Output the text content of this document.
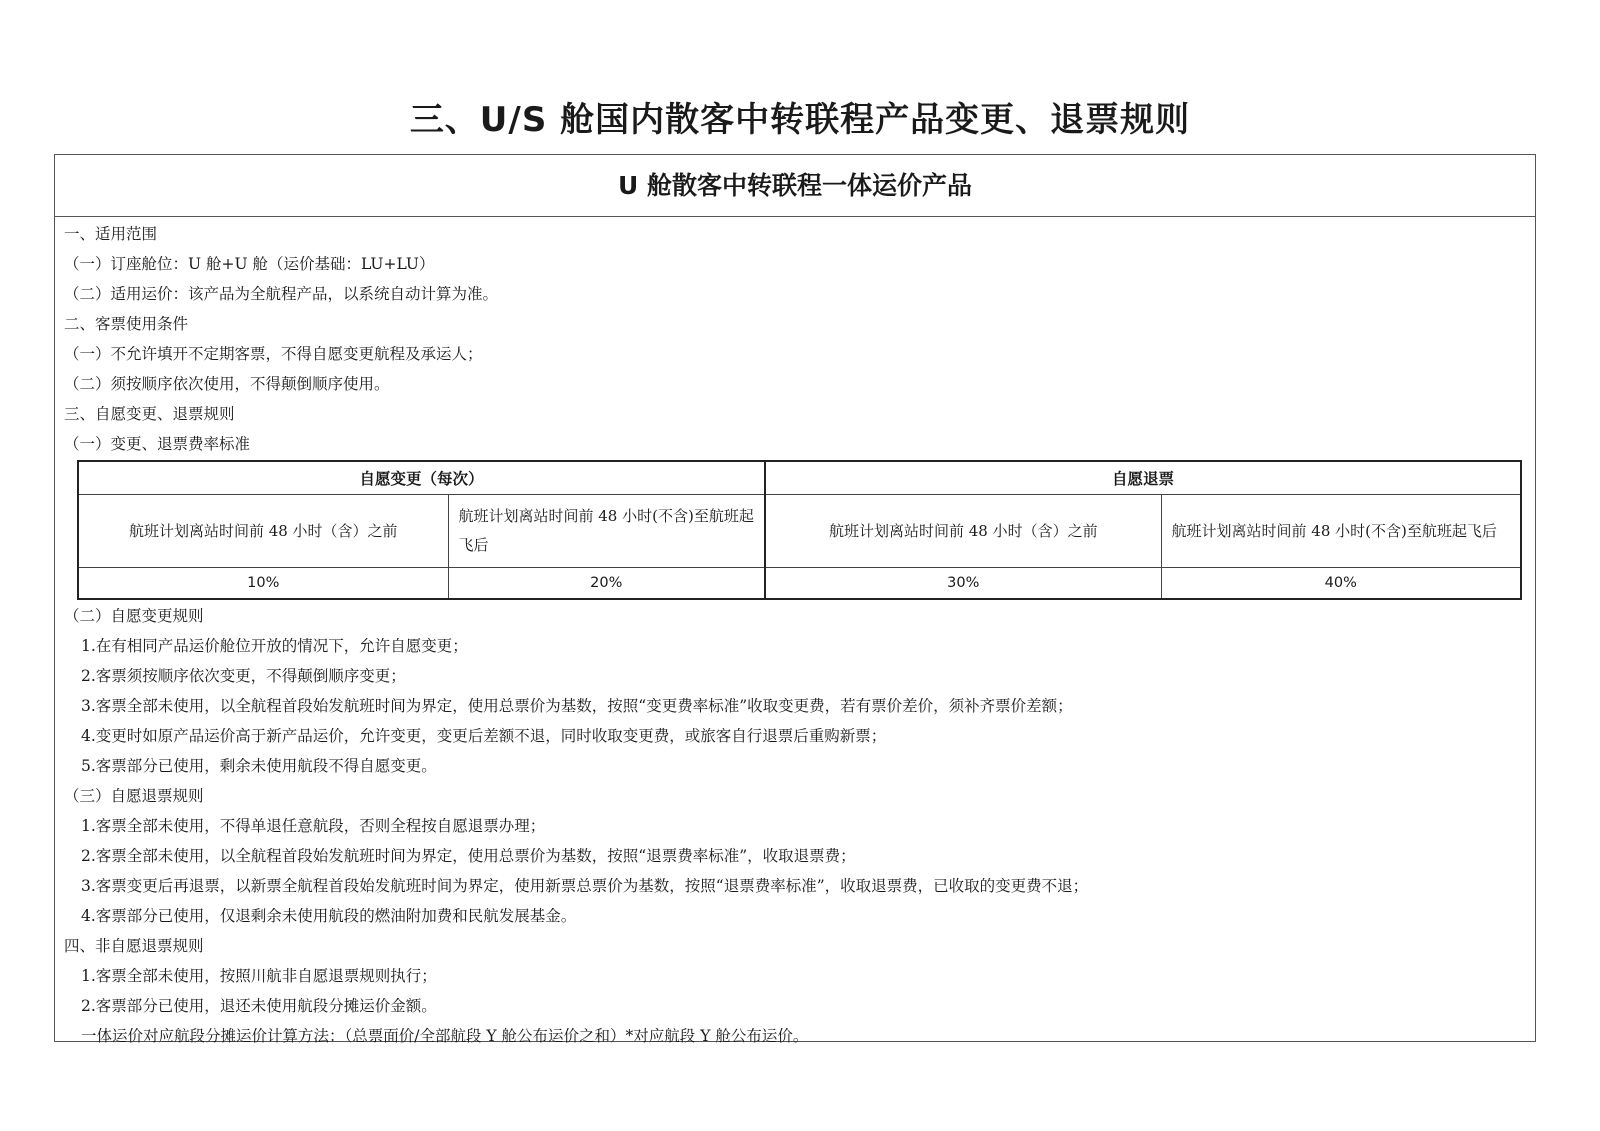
三、U/S 舱国内散客中转联程产品变更、退票规则
U 舱散客中转联程一体运价产品
一、适用范围
（一）订座舱位：U 舱+U 舱（运价基础：LU+LU）
（二）适用运价：该产品为全航程产品，以系统自动计算为准。
二、客票使用条件
（一）不允许填开不定期客票，不得自愿变更航程及承运人；
（二）须按顺序依次使用，不得颠倒顺序使用。
三、自愿变更、退票规则
（一）变更、退票费率标准
自愿变更（每次）		自愿退票	
航班计划离站时间前 48 小时（含）之前	航班计划离站时间前 48 小时(不含)至航班起飞后	航班计划离站时间前 48 小时（含）之前	航班计划离站时间前 48 小时(不含)至航班起飞后
10%	20%	30%	40%
（二）自愿变更规则
1.在有相同产品运价舱位开放的情况下，允许自愿变更；
2.客票须按顺序依次变更，不得颠倒顺序变更；
3.客票全部未使用，以全航程首段始发航班时间为界定，使用总票价为基数，按照“变更费率标准”收取变更费，若有票价差价，须补齐票价差额；
4.变更时如原产品运价高于新产品运价，允许变更，变更后差额不退，同时收取变更费，或旅客自行退票后重购新票；
5.客票部分已使用，剩余未使用航段不得自愿变更。
（三）自愿退票规则
1.客票全部未使用，不得单退任意航段，否则全程按自愿退票办理；
2.客票全部未使用，以全航程首段始发航班时间为界定，使用总票价为基数，按照“退票费率标准”，收取退票费；
3.客票变更后再退票，以新票全航程首段始发航班时间为界定，使用新票总票价为基数，按照“退票费率标准”，收取退票费，已收取的变更费不退；
4.客票部分已使用，仅退剩余未使用航段的燃油附加费和民航发展基金。
四、非自愿退票规则
1.客票全部未使用，按照川航非自愿退票规则执行；
2.客票部分已使用，退还未使用航段分摊运价金额。
一体运价对应航段分摊运价计算方法：（总票面价/全部航段 Y 舱公布运价之和）*对应航段 Y 舱公布运价。
